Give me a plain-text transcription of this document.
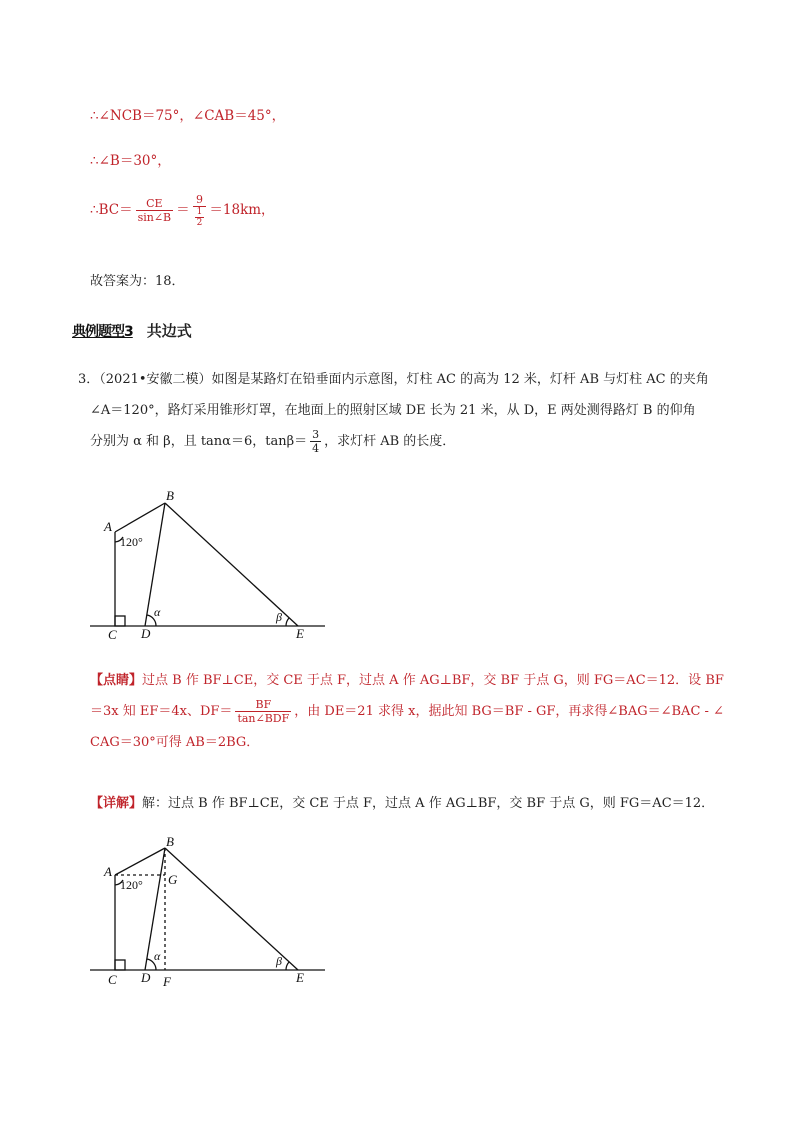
∴∠NCB＝75°，∠CAB＝45°，
∴∠B＝30°，
∴BC＝ $\frac{CE}{\sin\angle B} = \frac{9}{\frac{1}{2}} =18km$，
故答案为：18．
典例题型3 共边式
3．（2021•安徽二模）如图是某路灯在铅垂面内示意图，灯柱 AC 的高为 12 米，灯杆 AB 与灯柱 AC 的夹角
∠A＝120°，路灯采用锥形灯罩，在地面上的照射区域 DE 长为 21 米，从 D，E 两处测得路灯 B 的仰角
分别为 α 和 β，且 tanα＝6，$\tan\beta= \frac{3}{4}$ ，求灯杆 AB 的长度．
B
A
C D	E
α	β
120°
【点睛】过点 B 作 BF⊥CE，交 CE 于点 F，过点 A 作 AG⊥BF，交 BF 于点 G，则 FG＝AC＝12．设 BF
＝3x 知 EF＝4x、$DF= \frac{BF}{\text{tan∠BDF}}$ ，由 DE＝21 求得 x，据此知 BG＝BF - GF，再求得∠BAG＝∠BAC - ∠
CAG＝30°可得 AB＝2BG．
【详解】解：过点 B 作 BF⊥CE，交 CE 于点 F，过点 A 作 AG⊥BF，交 BF 于点 G，则 FG＝AC＝12．
B
A
G
C D F	E
α	β
120°
